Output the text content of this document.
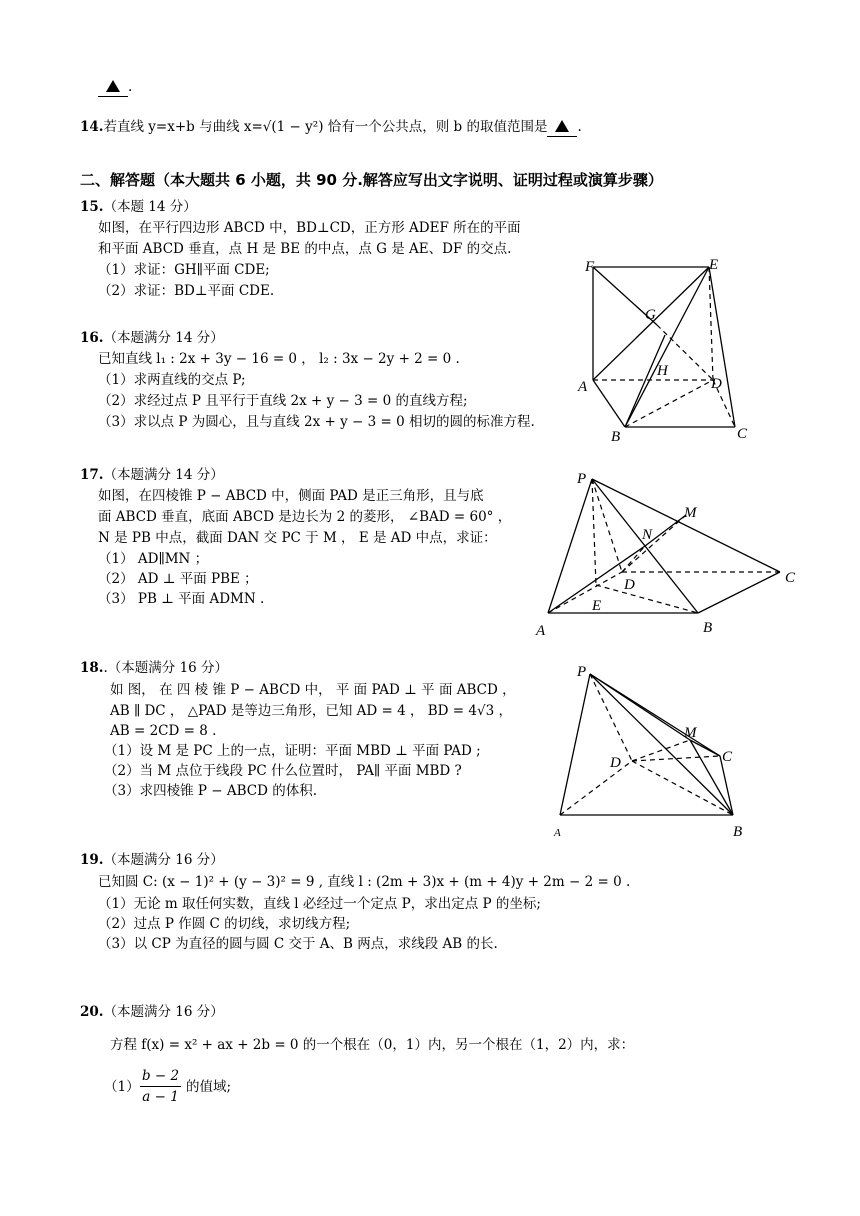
.
14.若直线 y=x+b 与曲线 x=√(1 − y²) 恰有一个公共点，则 b 的取值范围是 .
二、解答题（本大题共 6 小题，共 90 分.解答应写出文字说明、证明过程或演算步骤）
15.（本题 14 分）
如图，在平行四边形 ABCD 中，BD⊥CD，正方形 ADEF 所在的平面
和平面 ABCD 垂直，点 H 是 BE 的中点，点 G 是 AE、DF 的交点.
（1）求证：GH∥平面 CDE;
（2）求证：BD⊥平面 CDE.
F	E
G
H
A	D
B	C
16.（本题满分 14 分）
已知直线 l₁ : 2x + 3y − 16 = 0 ， l₂ : 3x − 2y + 2 = 0 .
（1）求两直线的交点 P;
（2）求经过点 P 且平行于直线 2x + y − 3 = 0 的直线方程;
（3）求以点 P 为圆心，且与直线 2x + y − 3 = 0 相切的圆的标准方程.
17.（本题满分 14 分）
如图，在四棱锥 P − ABCD 中，侧面 PAD 是正三角形，且与底
面 ABCD 垂直，底面 ABCD 是边长为 2 的菱形， ∠BAD = 60° ，
N 是 PB 中点，截面 DAN 交 PC 于 M ， E 是 AD 中点，求证：
（1） AD∥MN ；
（2） AD ⊥ 平面 PBE ；
（3） PB ⊥ 平面 ADMN .
P
M
N
D	C
E
A	B
18..（本题满分 16 分）
如 图， 在 四 棱 锥 P − ABCD 中， 平 面 PAD ⊥ 平 面 ABCD ，
AB ∥ DC ， △PAD 是等边三角形，已知 AD = 4 ， BD = 4√3 ，
AB = 2CD = 8 .
（1）设 M 是 PC 上的一点，证明：平面 MBD ⊥ 平面 PAD ;
（2）当 M 点位于线段 PC 什么位置时， PA∥ 平面 MBD ?
（3）求四棱锥 P − ABCD 的体积.
P
M
C
D
A	B
19.（本题满分 16 分）
已知圆 C: (x − 1)² + (y − 3)² = 9 , 直线 l : (2m + 3)x + (m + 4)y + 2m − 2 = 0 .
（1）无论 m 取任何实数，直线 l 必经过一个定点 P，求出定点 P 的坐标;
（2）过点 P 作圆 C 的切线，求切线方程;
（3）以 CP 为直径的圆与圆 C 交于 A、B 两点，求线段 AB 的长.
20.（本题满分 16 分）
方程 f(x) = x² + ax + 2b = 0 的一个根在（0，1）内，另一个根在（1，2）内，求：
$(1) \frac{b - 2}{a - 1}$ 的值域;
